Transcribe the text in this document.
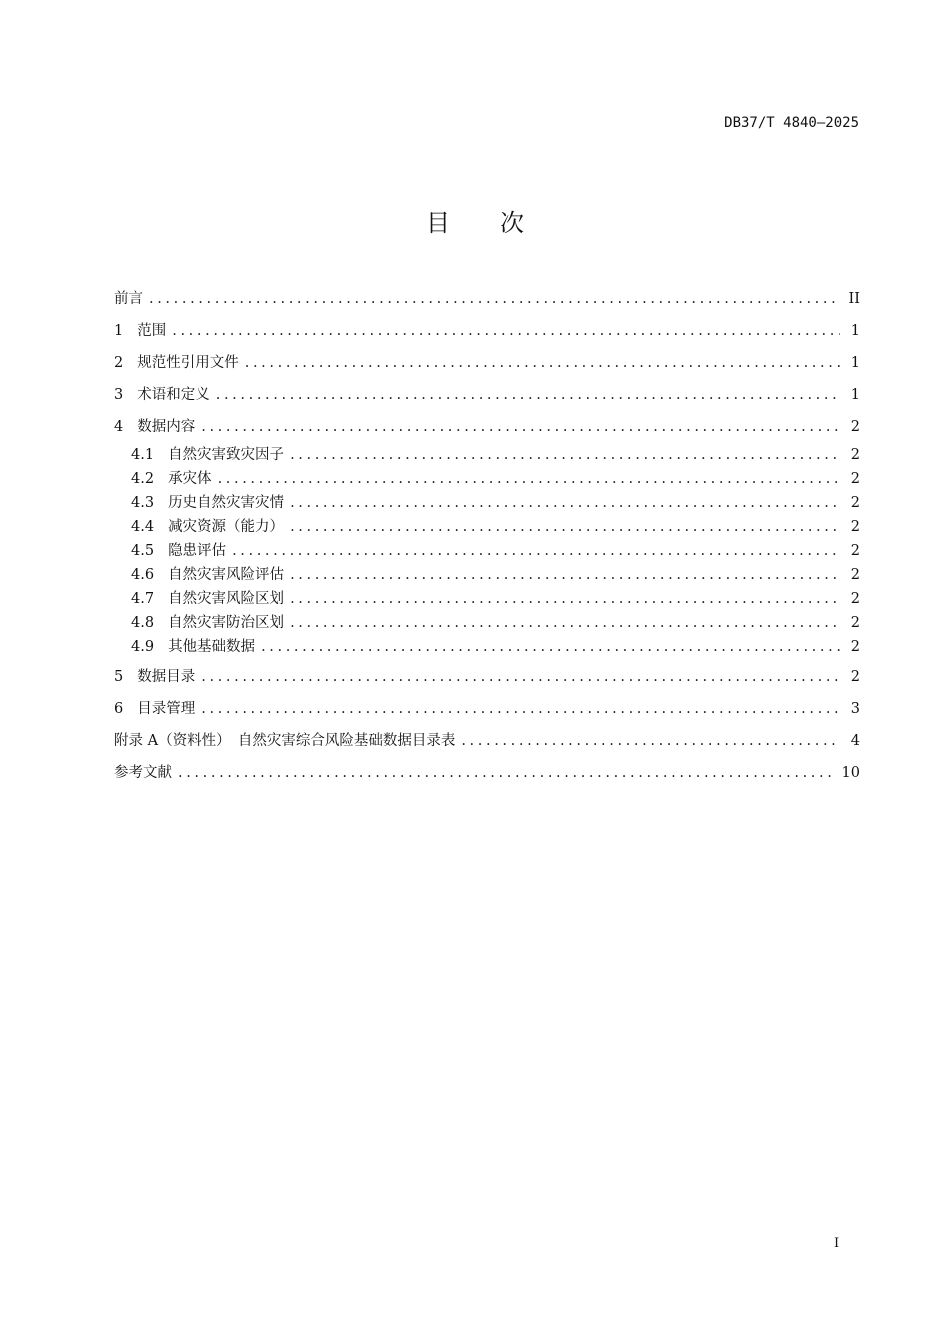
DB37/T 4840—2025
目 次
前言 . . .	II
1 范围 . . .	1
2 规范性引用文件 . . .	1
3 术语和定义 . . .	1
4 数据内容 . . .	2
4.1 自然灾害致灾因子 . . .	2
4.2 承灾体 . . .	2
4.3 历史自然灾害灾情 . . .	2
4.4 减灾资源（能力） . . .	2
4.5 隐患评估 . . .	2
4.6 自然灾害风险评估 . . .	2
4.7 自然灾害风险区划 . . .	2
4.8 自然灾害防治区划 . . .	2
4.9 其他基础数据 . . .	2
5 数据目录 . . .	2
6 目录管理 . . .	3
附录 A（资料性）　自然灾害综合风险基础数据目录表 . . .	4
参考文献 . . .	10
I
